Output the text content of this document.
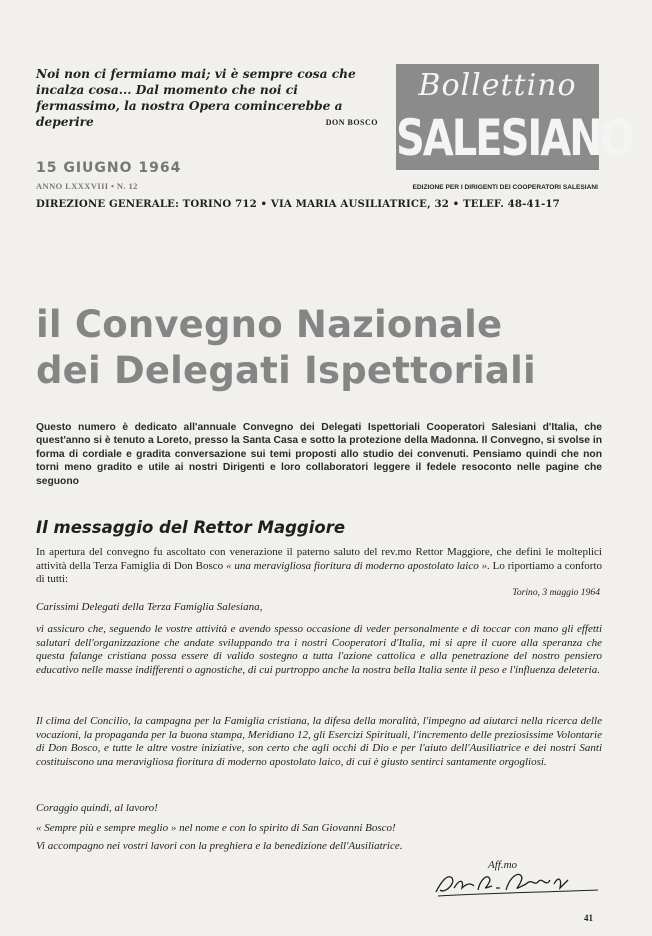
Noi non ci fermiamo mai; vi è sempre cosa che incalza cosa... Dal momento che noi ci fermassimo, la nostra Opera comincerebbe a deperire	DON BOSCO
Bollettino
SALESIANO
15 GIUGNO 1964
ANNO LXXXVIII • N. 12	EDIZIONE PER I DIRIGENTI DEI COOPERATORI SALESIANI
DIREZIONE GENERALE: TORINO 712 • VIA MARIA AUSILIATRICE, 32 • TELEF. 48-41-17
il Convegno Nazionale
dei Delegati Ispettoriali
Questo numero è dedicato all'annuale Convegno dei Delegati Ispettoriali Cooperatori Salesiani d'Italia, che quest'anno si è tenuto a Loreto, presso la Santa Casa e sotto la protezione della Madonna. Il Convegno, si svolse in forma di cordiale e gradita conversazione sui temi proposti allo studio dei convenuti. Pensiamo quindi che non torni meno gradito e utile ai nostri Dirigenti e loro collaboratori leggere il fedele resoconto nelle pagine che seguono
Il messaggio del Rettor Maggiore
In apertura del convegno fu ascoltato con venerazione il paterno saluto del rev.mo Rettor Maggiore, che definì le molteplici attività della Terza Famiglia di Don Bosco « una meravigliosa fioritura di moderno apostolato laico ». Lo riportiamo a conforto di tutti:
Torino, 3 maggio 1964
Carissimi Delegati della Terza Famiglia Salesiana,
vi assicuro che, seguendo le vostre attività e avendo spesso occasione di veder personalmente e di toccar con mano gli effetti salutari dell'organizzazione che andate sviluppando tra i nostri Cooperatori d'Italia, mi si apre il cuore alla speranza che questa falange cristiana possa essere di valido sostegno a tutta l'azione cattolica e alla penetrazione del nostro pensiero educativo nelle masse indifferenti o agnostiche, di cui purtroppo anche la nostra bella Italia sente il peso e l'influenza deleteria.
Il clima del Concilio, la campagna per la Famiglia cristiana, la difesa della moralità, l'impegno ad aiutarci nella ricerca delle vocazioni, la propaganda per la buona stampa, Meridiano 12, gli Esercizi Spirituali, l'incremento delle preziosissime Volontarie di Don Bosco, e tutte le altre vostre iniziative, son certo che agli occhi di Dio e per l'aiuto dell'Ausiliatrice e dei nostri Santi costituiscono una meravigliosa fioritura di moderno apostolato laico, di cui è giusto sentirci santamente orgogliosi.
Coraggio quindi, al lavoro!
« Sempre più e sempre meglio » nel nome e con lo spirito di San Giovanni Bosco!
Vi accompagno nei vostri lavori con la preghiera e la benedizione dell'Ausiliatrice.
Aff.mo
41
